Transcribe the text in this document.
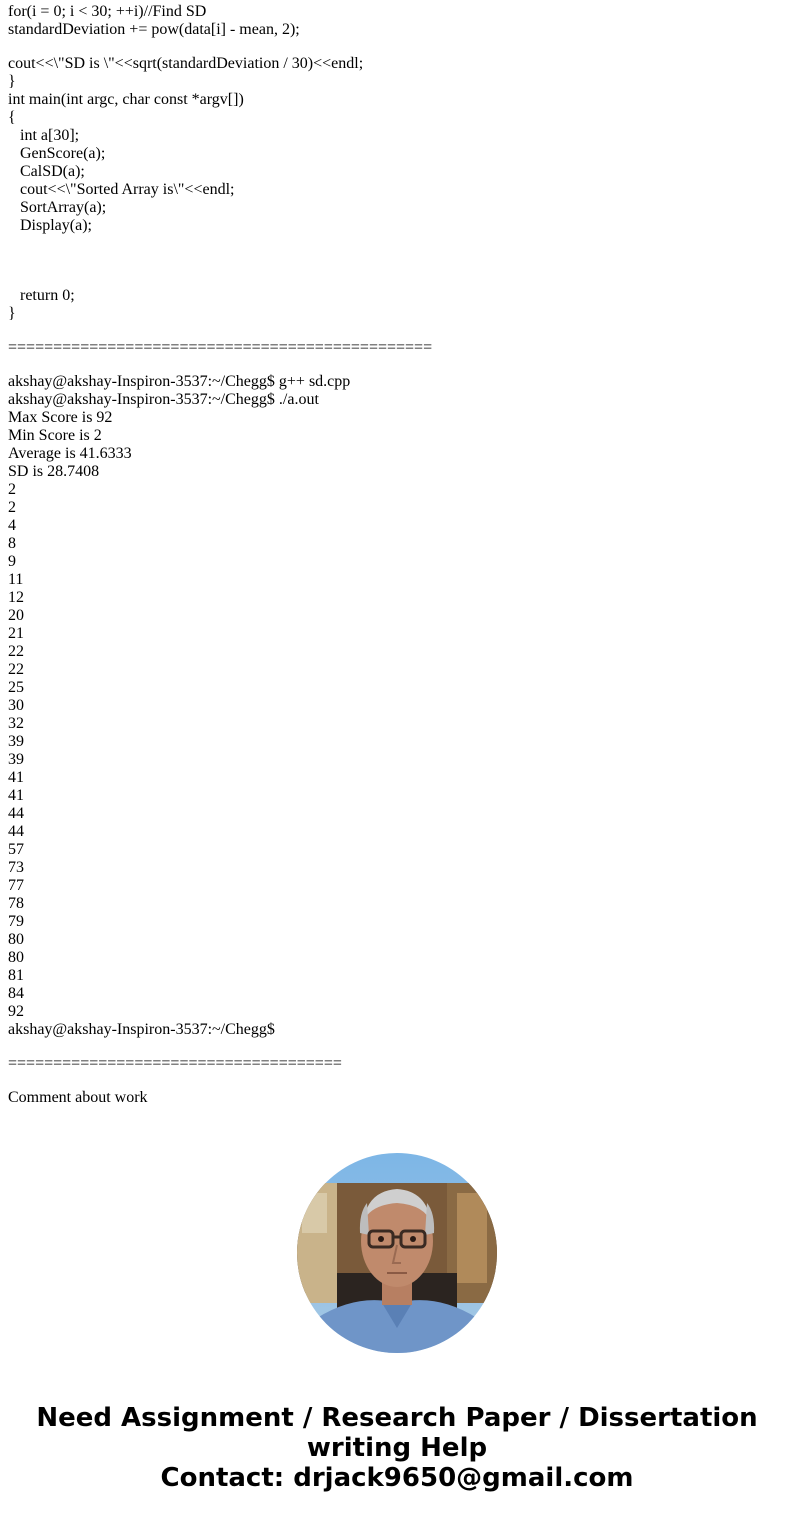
for(i = 0; i < 30; ++i)//Find SD
standardDeviation += pow(data[i] - mean, 2);
cout<<\"SD is \"<<sqrt(standardDeviation / 30)<<endl;
}
int main(int argc, char const *argv[])
{
int a[30];
GenScore(a);
CalSD(a);
cout<<\"Sorted Array is\"<<endl;
SortArray(a);
Display(a);
return 0;
}
===============================================
akshay@akshay-Inspiron-3537:~/Chegg$ g++ sd.cpp
akshay@akshay-Inspiron-3537:~/Chegg$ ./a.out
Max Score is 92
Min Score is 2
Average is 41.6333
SD is 28.7408
2
2
4
8
9
11
12
20
21
22
22
25
30
32
39
39
41
41
44
44
57
73
77
78
79
80
80
81
84
92
akshay@akshay-Inspiron-3537:~/Chegg$
=====================================
Comment about work
Need Assignment / Research Paper / Dissertation
writing Help
Contact: drjack9650@gmail.com
